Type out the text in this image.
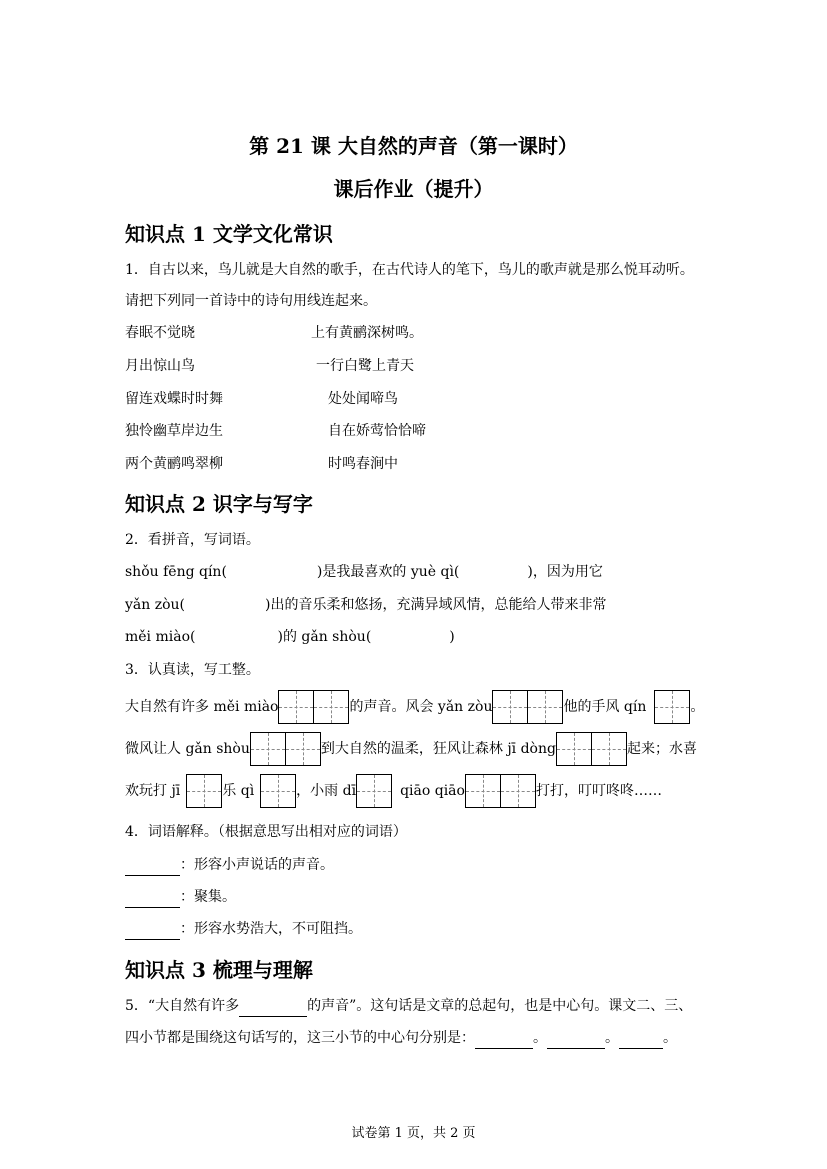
第 21 课 大自然的声音（第一课时）
课后作业（提升）
知识点 1 文学文化常识
1．自古以来，鸟儿就是大自然的歌手，在古代诗人的笔下，鸟儿的歌声就是那么悦耳动听。
请把下列同一首诗中的诗句用线连起来。
春眠不觉晓	上有黄鹂深树鸣。
月出惊山鸟	一行白鹭上青天
留连戏蝶时时舞	处处闻啼鸟
独怜幽草岸边生	自在娇莺恰恰啼
两个黄鹂鸣翠柳	时鸣春涧中
知识点 2 识字与写字
2．看拼音，写词语。
shǒu fēng qín(	)是我最喜欢的 yuè qì(	)，因为用它
yǎn zòu(	)出的音乐柔和悠扬，充满异域风情，总能给人带来非常
měi miào(	)的 gǎn shòu(	)
3．认真读，写工整。
大自然有许多 měi miào	的声音。风会 yǎn zòu	他的手风 qín	。
微风让人 gǎn shòu	到大自然的温柔，狂风让森林 jī dòng	起来；水喜
欢玩打 jī	乐 qì	，小雨 dī	qiāo qiāo	打打，叮叮咚咚……
4．词语解释。（根据意思写出相对应的词语）
：形容小声说话的声音。
：聚集。
：形容水势浩大，不可阻挡。
知识点 3 梳理与理解
5．“大自然有许多	的声音”。这句话是文章的总起句，也是中心句。课文二、三、
四小节都是围绕这句话写的，这三小节的中心句分别是：	。	。	。
试卷第 1 页，共 2 页
